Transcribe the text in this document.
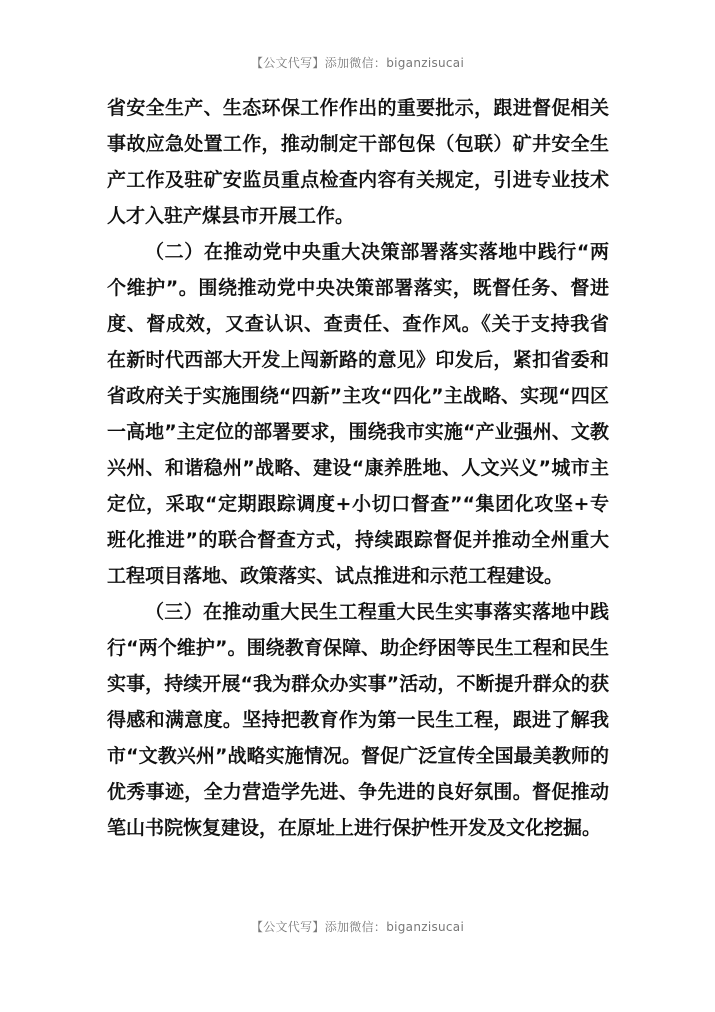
【公文代写】添加微信：biganzisucai

省安全生产、生态环保工作作出的重要批示，跟进督促相关事故应急处置工作，推动制定干部包保（包联）矿井安全生产工作及驻矿安监员重点检查内容有关规定，引进专业技术人才入驻产煤县市开展工作。

（二）在推动党中央重大决策部署落实落地中践行“两个维护”。围绕推动党中央决策部署落实，既督任务、督进度、督成效，又查认识、查责任、查作风。《关于支持我省在新时代西部大开发上闯新路的意见》印发后，紧扣省委和省政府关于实施围绕“四新”主攻“四化”主战略、实现“四区一高地”主定位的部署要求，围绕我市实施“产业强州、文教兴州、和谐稳州”战略、建设“康养胜地、人文兴义”城市主定位，采取“定期跟踪调度+小切口督查”“集团化攻坚+专班化推进”的联合督查方式，持续跟踪督促并推动全州重大工程项目落地、政策落实、试点推进和示范工程建设。

（三）在推动重大民生工程重大民生实事落实落地中践行“两个维护”。围绕教育保障、助企纾困等民生工程和民生实事，持续开展“我为群众办实事”活动，不断提升群众的获得感和满意度。坚持把教育作为第一民生工程，跟进了解我市“文教兴州”战略实施情况。督促广泛宣传全国最美教师的优秀事迹，全力营造学先进、争先进的良好氛围。督促推动笔山书院恢复建设，在原址上进行保护性开发及文化挖掘。

【公文代写】添加微信：biganzisucai
